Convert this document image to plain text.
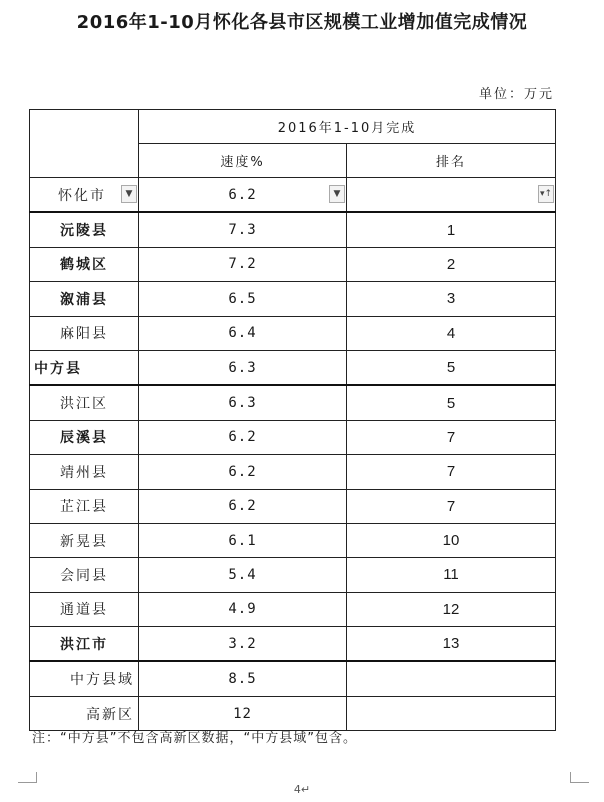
2016年1-10月怀化各县市区规模工业增加值完成情况
单位：万元
	2016年1-10月完成	
	速度%	排名
怀化市 ▼	6.2 ▼	▾↑

沅陵县	7.3	1
鹤城区	7.2	2
溆浦县	6.5	3
麻阳县	6.4	4
中方县	6.3	5
洪江区	6.3	5
辰溪县	6.2	7
靖州县	6.2	7
芷江县	6.2	7
新晃县	6.1	10
会同县	5.4	11
通道县	4.9	12
洪江市	3.2	13
中方县域	8.5	
高新区	12	
注：“中方县”不包含高新区数据，“中方县域”包含。
4↵
